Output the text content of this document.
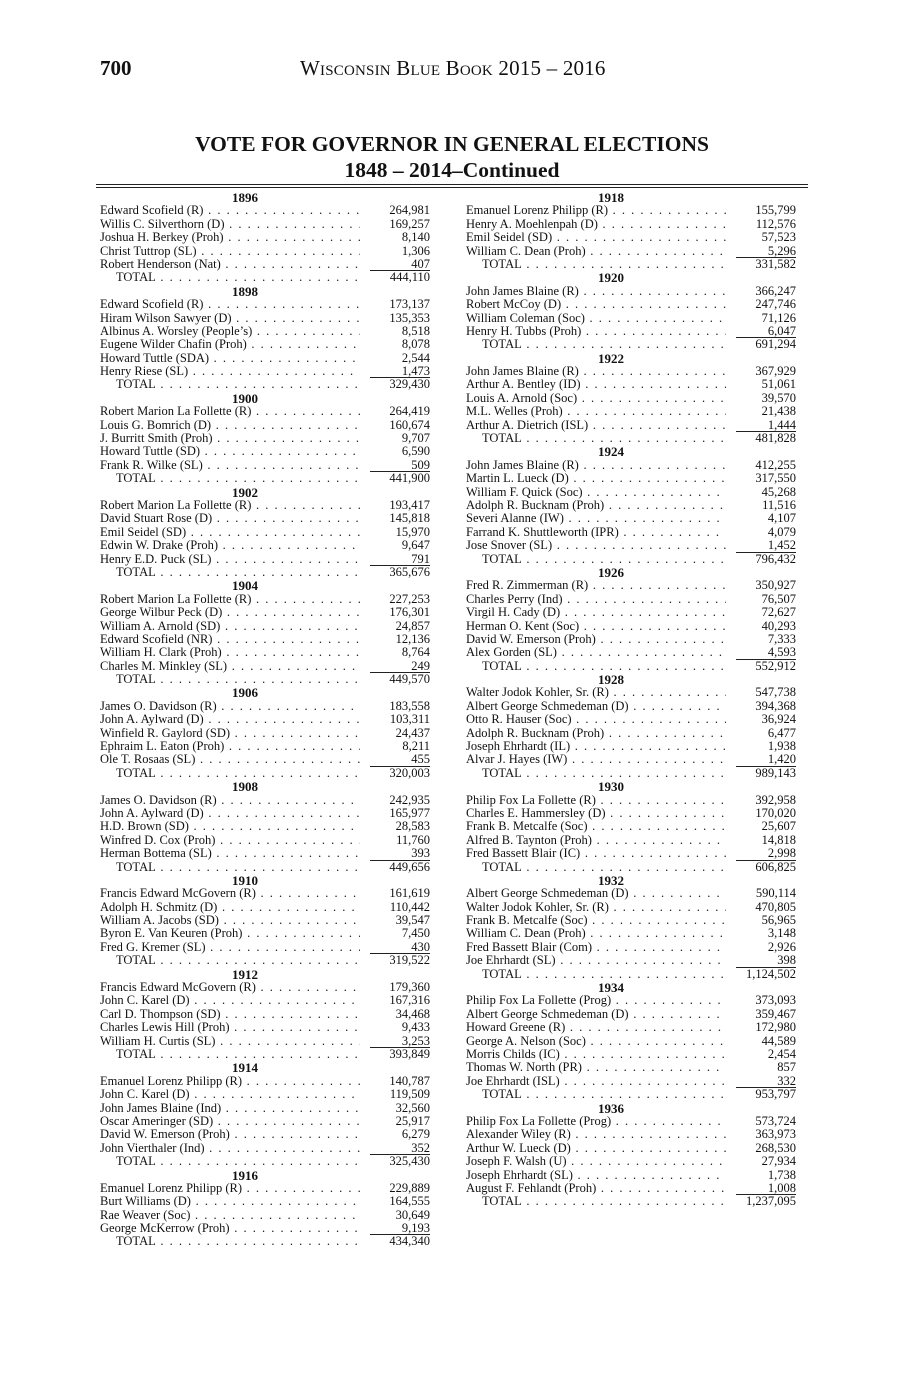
700	Wisconsin Blue Book 2015 – 2016
VOTE FOR GOVERNOR IN GENERAL ELECTIONS
1848 – 2014–Continued
1896
Edward Scofield (R) . . .	264,981
Willis C. Silverthorn (D) . . .	169,257
Joshua H. Berkey (Proh) . . .	8,140
Christ Tuttrop (SL) . . .	1,306
Robert Henderson (Nat) . . .	407
TOTAL . . .	444,110
1898
Edward Scofield (R) . . .	173,137
Hiram Wilson Sawyer (D) . . .	135,353
Albinus A. Worsley (People’s) . . .	8,518
Eugene Wilder Chafin (Proh) . . .	8,078
Howard Tuttle (SDA) . . .	2,544
Henry Riese (SL) . . .	1,473
TOTAL . . .	329,430
1900
Robert Marion La Follette (R) . . .	264,419
Louis G. Bomrich (D) . . .	160,674
J. Burritt Smith (Proh) . . .	9,707
Howard Tuttle (SD) . . .	6,590
Frank R. Wilke (SL) . . .	509
TOTAL . . .	441,900
1902
Robert Marion La Follette (R) . . .	193,417
David Stuart Rose (D) . . .	145,818
Emil Seidel (SD) . . .	15,970
Edwin W. Drake (Proh) . . .	9,647
Henry E.D. Puck (SL) . . .	791
TOTAL . . .	365,676
1904
Robert Marion La Follette (R) . . .	227,253
George Wilbur Peck (D) . . .	176,301
William A. Arnold (SD) . . .	24,857
Edward Scofield (NR) . . .	12,136
William H. Clark (Proh) . . .	8,764
Charles M. Minkley (SL) . . .	249
TOTAL . . .	449,570
1906
James O. Davidson (R) . . .	183,558
John A. Aylward (D) . . .	103,311
Winfield R. Gaylord (SD) . . .	24,437
Ephraim L. Eaton (Proh) . . .	8,211
Ole T. Rosaas (SL) . . .	455
TOTAL . . .	320,003
1908
James O. Davidson (R) . . .	242,935
John A. Aylward (D) . . .	165,977
H.D. Brown (SD) . . .	28,583
Winfred D. Cox (Proh) . . .	11,760
Herman Bottema (SL) . . .	393
TOTAL . . .	449,656
1910
Francis Edward McGovern (R) . . .	161,619
Adolph H. Schmitz (D) . . .	110,442
William A. Jacobs (SD) . . .	39,547
Byron E. Van Keuren (Proh) . . .	7,450
Fred G. Kremer (SL) . . .	430
TOTAL . . .	319,522
1912
Francis Edward McGovern (R) . . .	179,360
John C. Karel (D) . . .	167,316
Carl D. Thompson (SD) . . .	34,468
Charles Lewis Hill (Proh) . . .	9,433
William H. Curtis (SL) . . .	3,253
TOTAL . . .	393,849
1914
Emanuel Lorenz Philipp (R) . . .	140,787
John C. Karel (D) . . .	119,509
John James Blaine (Ind) . . .	32,560
Oscar Ameringer (SD) . . .	25,917
David W. Emerson (Proh) . . .	6,279
John Vierthaler (Ind) . . .	352
TOTAL . . .	325,430
1916
Emanuel Lorenz Philipp (R) . . .	229,889
Burt Williams (D) . . .	164,555
Rae Weaver (Soc) . . .	30,649
George McKerrow (Proh) . . .	9,193
TOTAL . . .	434,340
1918
Emanuel Lorenz Philipp (R) . . .	155,799
Henry A. Moehlenpah (D) . . .	112,576
Emil Seidel (SD) . . .	57,523
William C. Dean (Proh) . . .	5,296
TOTAL . . .	331,582
1920
John James Blaine (R) . . .	366,247
Robert McCoy (D) . . .	247,746
William Coleman (Soc) . . .	71,126
Henry H. Tubbs (Proh) . . .	6,047
TOTAL . . .	691,294
1922
John James Blaine (R) . . .	367,929
Arthur A. Bentley (ID) . . .	51,061
Louis A. Arnold (Soc) . . .	39,570
M.L. Welles (Proh) . . .	21,438
Arthur A. Dietrich (ISL) . . .	1,444
TOTAL . . .	481,828
1924
John James Blaine (R) . . .	412,255
Martin L. Lueck (D) . . .	317,550
William F. Quick (Soc) . . .	45,268
Adolph R. Bucknam (Proh) . . .	11,516
Severi Alanne (IW) . . .	4,107
Farrand K. Shuttleworth (IPR) . . .	4,079
Jose Snover (SL) . . .	1,452
TOTAL . . .	796,432
1926
Fred R. Zimmerman (R) . . .	350,927
Charles Perry (Ind) . . .	76,507
Virgil H. Cady (D) . . .	72,627
Herman O. Kent (Soc) . . .	40,293
David W. Emerson (Proh) . . .	7,333
Alex Gorden (SL) . . .	4,593
TOTAL . . .	552,912
1928
Walter Jodok Kohler, Sr. (R) . . .	547,738
Albert George Schmedeman (D) . . .	394,368
Otto R. Hauser (Soc) . . .	36,924
Adolph R. Bucknam (Proh) . . .	6,477
Joseph Ehrhardt (IL) . . .	1,938
Alvar J. Hayes (IW) . . .	1,420
TOTAL . . .	989,143
1930
Philip Fox La Follette (R) . . .	392,958
Charles E. Hammersley (D) . . .	170,020
Frank B. Metcalfe (Soc) . . .	25,607
Alfred B. Taynton (Proh) . . .	14,818
Fred Bassett Blair (IC) . . .	2,998
TOTAL . . .	606,825
1932
Albert George Schmedeman (D) . . .	590,114
Walter Jodok Kohler, Sr. (R) . . .	470,805
Frank B. Metcalfe (Soc) . . .	56,965
William C. Dean (Proh) . . .	3,148
Fred Bassett Blair (Com) . . .	2,926
Joe Ehrhardt (SL) . . .	398
TOTAL . . .	1,124,502
1934
Philip Fox La Follette (Prog) . . .	373,093
Albert George Schmedeman (D) . . .	359,467
Howard Greene (R) . . .	172,980
George A. Nelson (Soc) . . .	44,589
Morris Childs (IC) . . .	2,454
Thomas W. North (PR) . . .	857
Joe Ehrhardt (ISL) . . .	332
TOTAL . . .	953,797
1936
Philip Fox La Follette (Prog) . . .	573,724
Alexander Wiley (R) . . .	363,973
Arthur W. Lueck (D) . . .	268,530
Joseph F. Walsh (U) . . .	27,934
Joseph Ehrhardt (SL) . . .	1,738
August F. Fehlandt (Proh) . . .	1,008
TOTAL . . .	1,237,095
